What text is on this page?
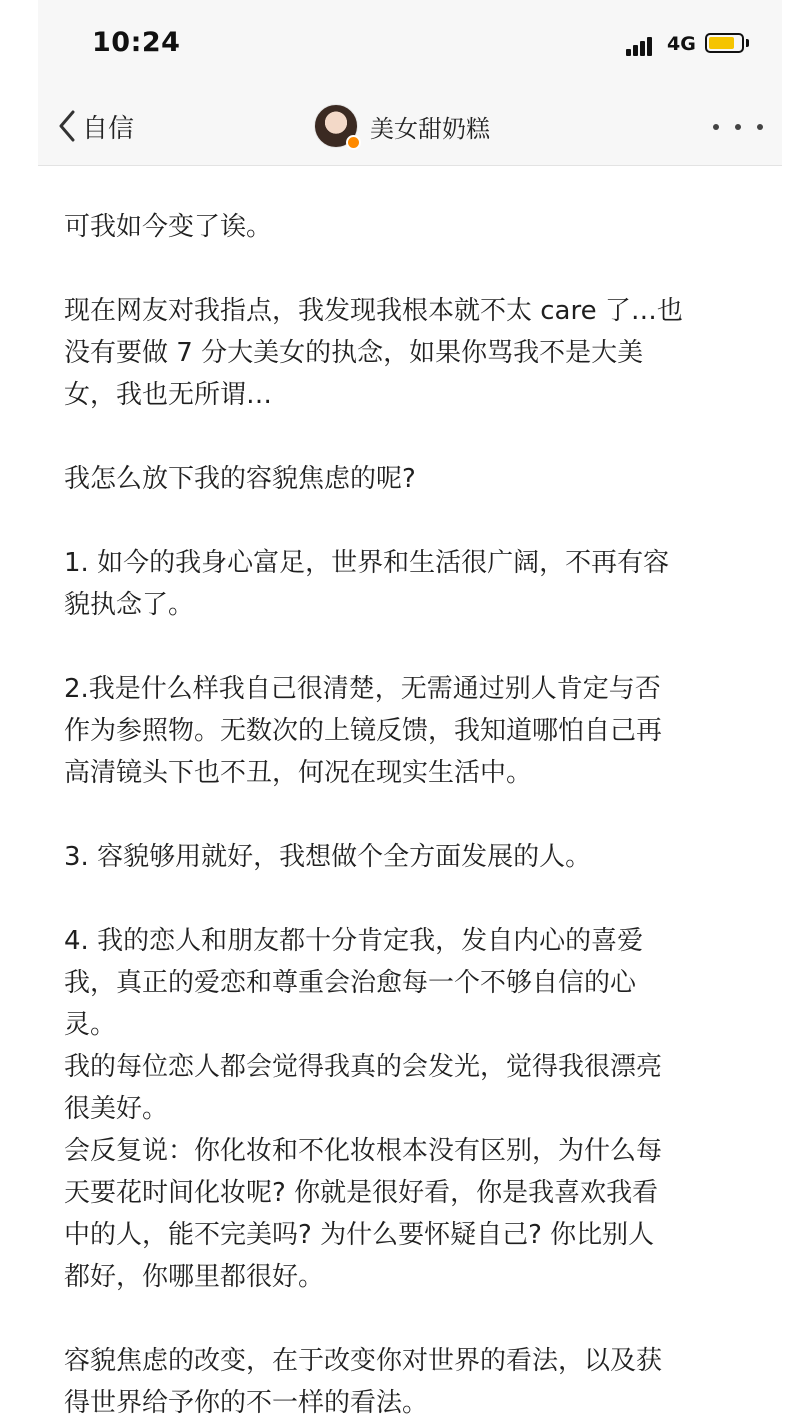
10:24	4G
自信	美女甜奶糕

可我如今变了诶。

现在网友对我指点，我发现我根本就不太 care 了…也

没有要做 7 分大美女的执念，如果你骂我不是大美

女，我也无所谓…

我怎么放下我的容貌焦虑的呢?

1. 如今的我身心富足，世界和生活很广阔，不再有容

貌执念了。

2.我是什么样我自己很清楚，无需通过别人肯定与否

作为参照物。无数次的上镜反馈，我知道哪怕自己再

高清镜头下也不丑，何况在现实生活中。

3. 容貌够用就好，我想做个全方面发展的人。

4. 我的恋人和朋友都十分肯定我，发自内心的喜爱

我，真正的爱恋和尊重会治愈每一个不够自信的心

灵。

我的每位恋人都会觉得我真的会发光，觉得我很漂亮

很美好。

会反复说：你化妆和不化妆根本没有区别，为什么每

天要花时间化妆呢? 你就是很好看，你是我喜欢我看

中的人，能不完美吗? 为什么要怀疑自己? 你比别人

都好，你哪里都很好。

容貌焦虑的改变，在于改变你对世界的看法，以及获

得世界给予你的不一样的看法。
